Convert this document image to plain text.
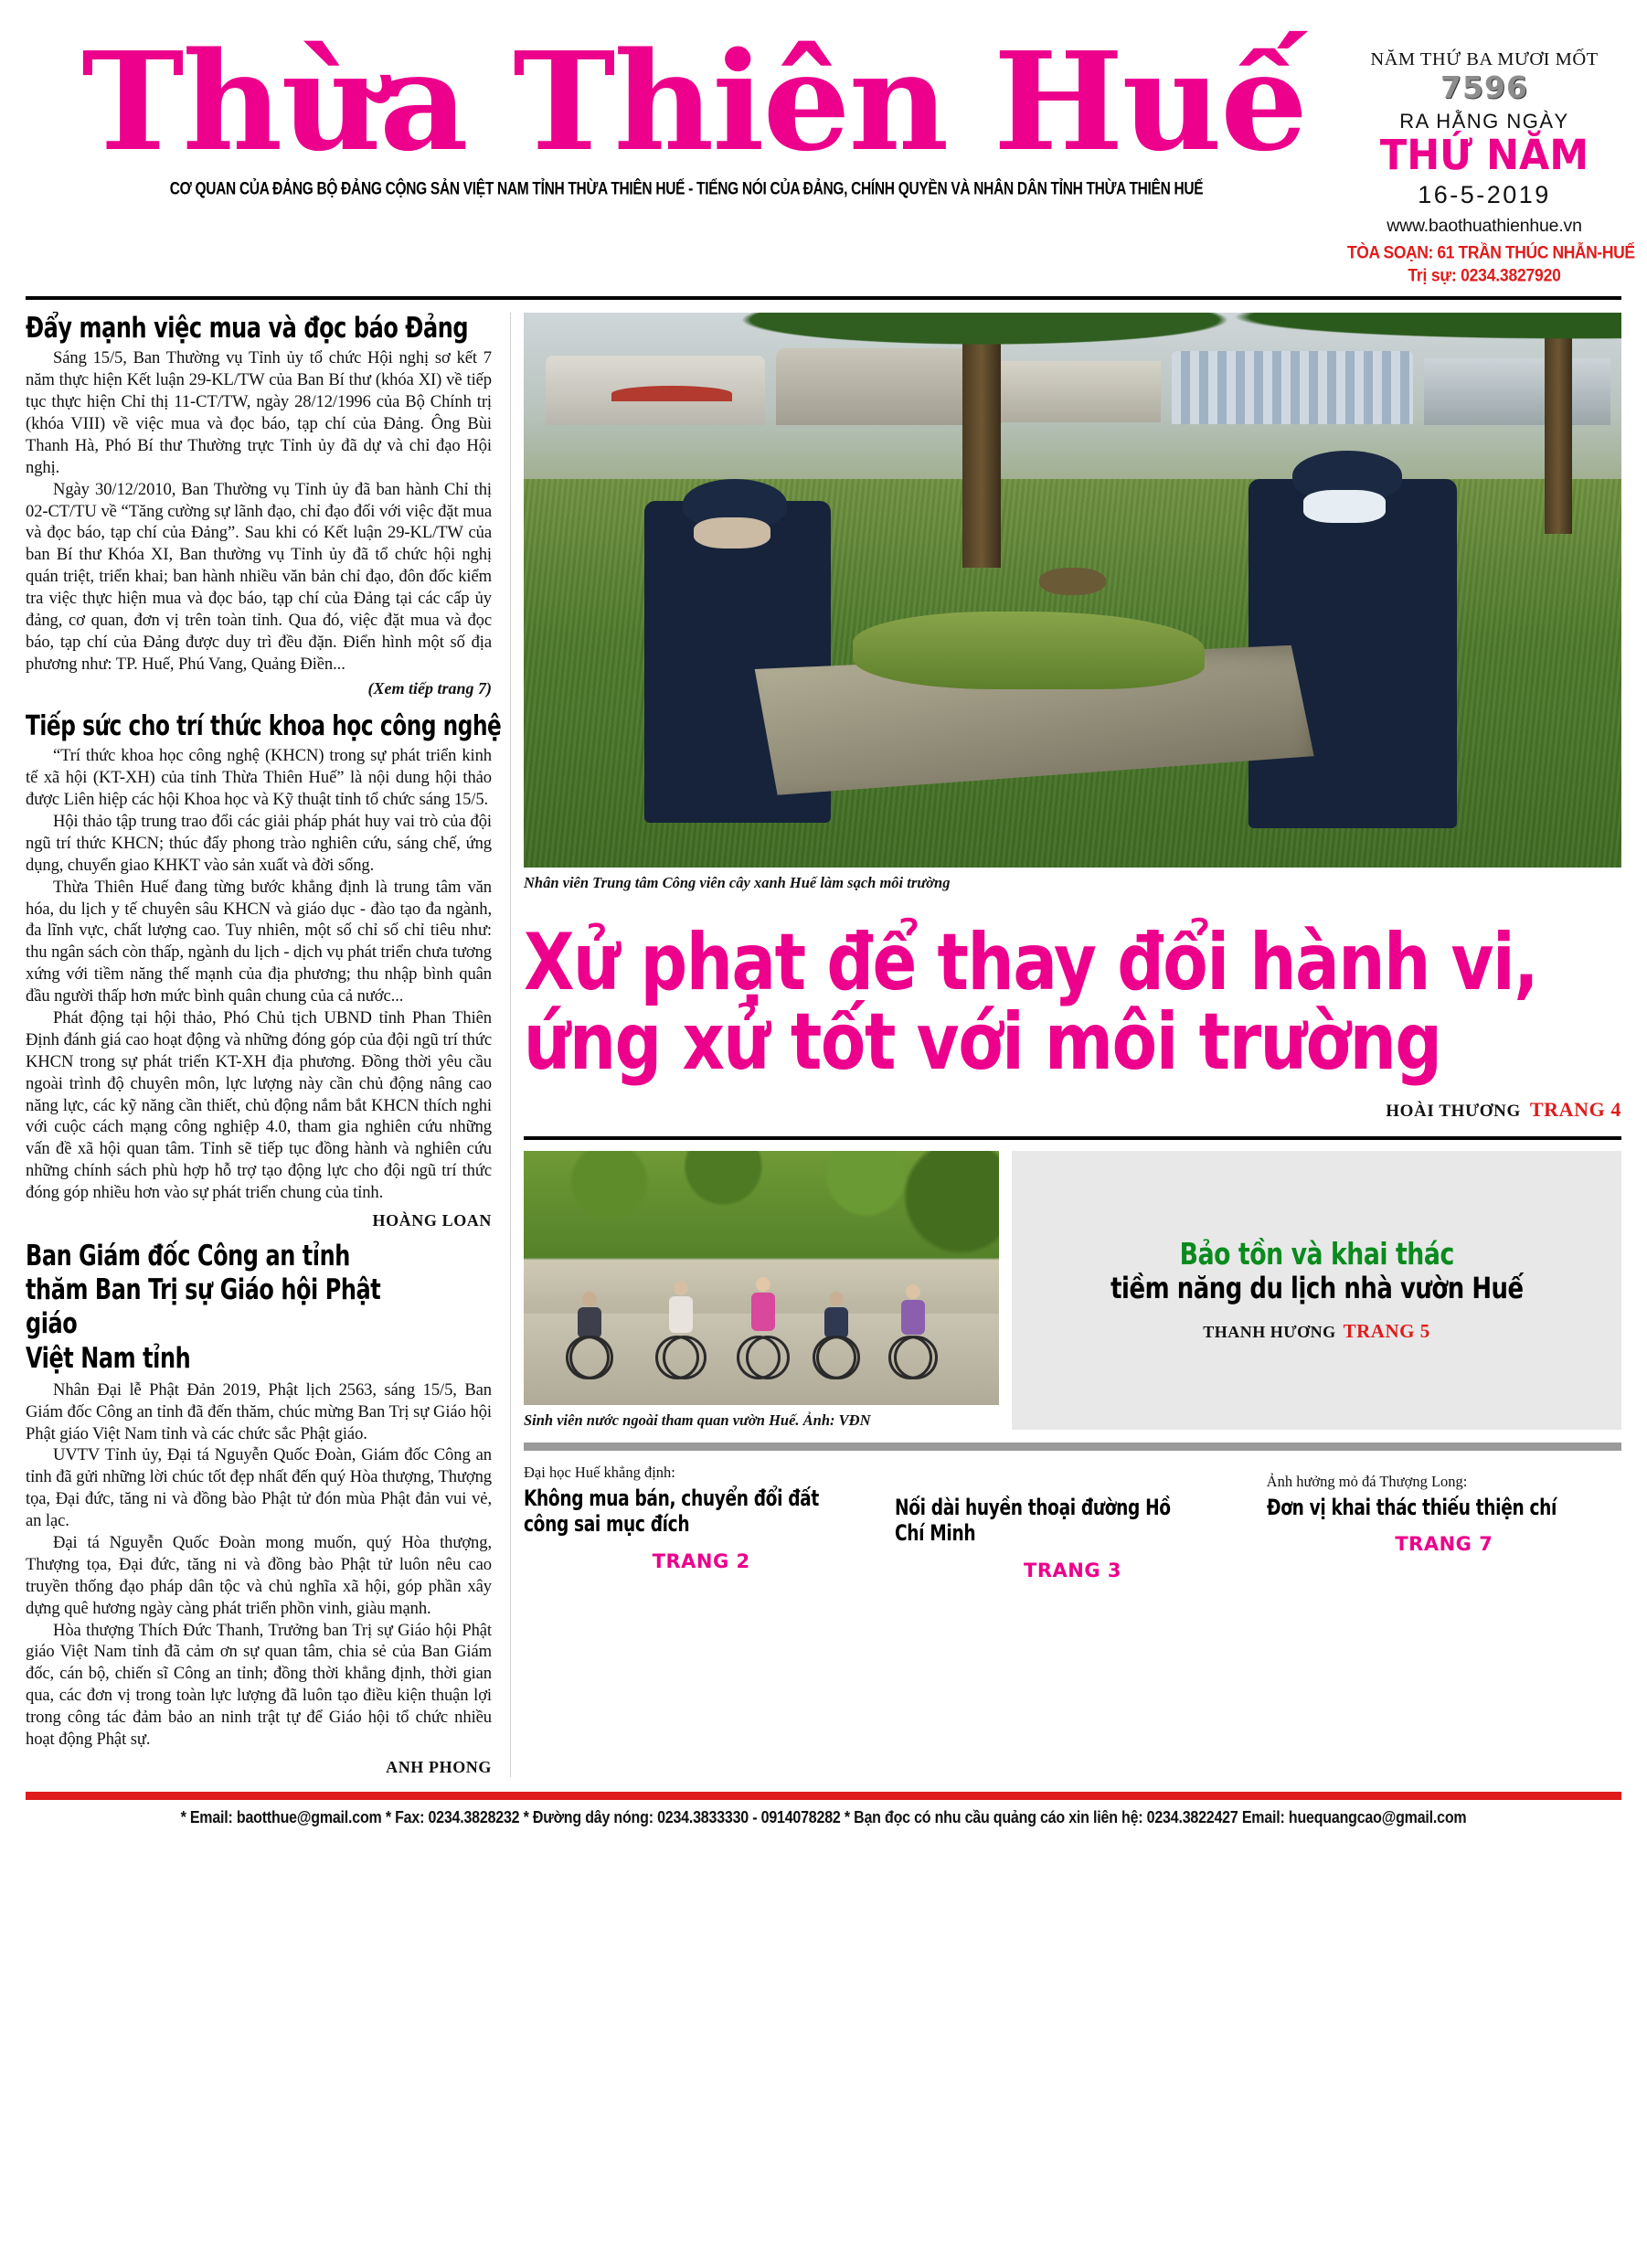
Thừa Thiên Huế
CƠ QUAN CỦA ĐẢNG BỘ ĐẢNG CỘNG SẢN VIỆT NAM TỈNH THỪA THIÊN HUẾ - TIẾNG NÓI CỦA ĐẢNG, CHÍNH QUYỀN VÀ NHÂN DÂN TỈNH THỪA THIÊN HUẾ
NĂM THỨ BA MƯƠI MỐT
7596
RA HẰNG NGÀY
THỨ NĂM
16-5-2019
www.baothuathienhue.vn
TÒA SOẠN: 61 TRẦN THÚC NHẪN-HUẾ
Trị sự: 0234.3827920
Đẩy mạnh việc mua và đọc báo Đảng

Sáng 15/5, Ban Thường vụ Tỉnh ủy tổ chức Hội nghị sơ kết 7 năm thực hiện Kết luận 29-KL/TW của Ban Bí thư (khóa XI) về tiếp tục thực hiện Chỉ thị 11-CT/TW, ngày 28/12/1996 của Bộ Chính trị (khóa VIII) về việc mua và đọc báo, tạp chí của Đảng. Ông Bùi Thanh Hà, Phó Bí thư Thường trực Tỉnh ủy đã dự và chỉ đạo Hội nghị.

Ngày 30/12/2010, Ban Thường vụ Tỉnh ủy đã ban hành Chỉ thị 02-CT/TU về “Tăng cường sự lãnh đạo, chỉ đạo đối với việc đặt mua và đọc báo, tạp chí của Đảng”. Sau khi có Kết luận 29-KL/TW của ban Bí thư Khóa XI, Ban thường vụ Tỉnh ủy đã tổ chức hội nghị quán triệt, triển khai; ban hành nhiều văn bản chỉ đạo, đôn đốc kiểm tra việc thực hiện mua và đọc báo, tạp chí của Đảng tại các cấp ủy đảng, cơ quan, đơn vị trên toàn tỉnh. Qua đó, việc đặt mua và đọc báo, tạp chí của Đảng được duy trì đều đặn. Điển hình một số địa phương như: TP. Huế, Phú Vang, Quảng Điền...

(Xem tiếp trang 7)

Tiếp sức cho trí thức khoa học công nghệ

“Trí thức khoa học công nghệ (KHCN) trong sự phát triển kinh tế xã hội (KT-XH) của tỉnh Thừa Thiên Huế” là nội dung hội thảo được Liên hiệp các hội Khoa học và Kỹ thuật tỉnh tổ chức sáng 15/5.

Hội thảo tập trung trao đổi các giải pháp phát huy vai trò của đội ngũ trí thức KHCN; thúc đẩy phong trào nghiên cứu, sáng chế, ứng dụng, chuyển giao KHKT vào sản xuất và đời sống.

Thừa Thiên Huế đang từng bước khẳng định là trung tâm văn hóa, du lịch y tế chuyên sâu KHCN và giáo dục - đào tạo đa ngành, đa lĩnh vực, chất lượng cao. Tuy nhiên, một số chỉ số chỉ tiêu như: thu ngân sách còn thấp, ngành du lịch - dịch vụ phát triển chưa tương xứng với tiềm năng thế mạnh của địa phương; thu nhập bình quân đầu người thấp hơn mức bình quân chung của cả nước...

Phát động tại hội thảo, Phó Chủ tịch UBND tỉnh Phan Thiên Định đánh giá cao hoạt động và những đóng góp của đội ngũ trí thức KHCN trong sự phát triển KT-XH địa phương. Đồng thời yêu cầu ngoài trình độ chuyên môn, lực lượng này cần chủ động nâng cao năng lực, các kỹ năng cần thiết, chủ động nắm bắt KHCN thích nghi với cuộc cách mạng công nghiệp 4.0, tham gia nghiên cứu những vấn đề xã hội quan tâm. Tỉnh sẽ tiếp tục đồng hành và nghiên cứu những chính sách phù hợp hỗ trợ tạo động lực cho đội ngũ trí thức đóng góp nhiều hơn vào sự phát triển chung của tỉnh.

HOÀNG LOAN

Ban Giám đốc Công an tỉnh
thăm Ban Trị sự Giáo hội Phật giáo
Việt Nam tỉnh

Nhân Đại lễ Phật Đản 2019, Phật lịch 2563, sáng 15/5, Ban Giám đốc Công an tỉnh đã đến thăm, chúc mừng Ban Trị sự Giáo hội Phật giáo Việt Nam tỉnh và các chức sắc Phật giáo.

UVTV Tỉnh ủy, Đại tá Nguyễn Quốc Đoàn, Giám đốc Công an tỉnh đã gửi những lời chúc tốt đẹp nhất đến quý Hòa thượng, Thượng tọa, Đại đức, tăng ni và đồng bào Phật tử đón mùa Phật đản vui vẻ, an lạc.

Đại tá Nguyễn Quốc Đoàn mong muốn, quý Hòa thượng, Thượng tọa, Đại đức, tăng ni và đồng bào Phật tử luôn nêu cao truyền thống đạo pháp dân tộc và chủ nghĩa xã hội, góp phần xây dựng quê hương ngày càng phát triển phồn vinh, giàu mạnh.

Hòa thượng Thích Đức Thanh, Trưởng ban Trị sự Giáo hội Phật giáo Việt Nam tỉnh đã cảm ơn sự quan tâm, chia sẻ của Ban Giám đốc, cán bộ, chiến sĩ Công an tỉnh; đồng thời khẳng định, thời gian qua, các đơn vị trong toàn lực lượng đã luôn tạo điều kiện thuận lợi trong công tác đảm bảo an ninh trật tự để Giáo hội tổ chức nhiều hoạt động Phật sự.

ANH PHONG

Nhân viên Trung tâm Công viên cây xanh Huế làm sạch môi trường

Xử phạt để thay đổi hành vi,
ứng xử tốt với môi trường
HOÀI THƯƠNG TRANG 4

Sinh viên nước ngoài tham quan vườn Huế. Ảnh: VĐN

Bảo tồn và khai thác
tiềm năng du lịch nhà vườn Huế
THANH HƯƠNG TRANG 5

Đại học Huế khẳng định:

Không mua bán, chuyển đổi đất
công sai mục đích

TRANG 2

Nối dài huyền thoại đường Hồ Chí Minh

TRANG 3

Ảnh hưởng mỏ đá Thượng Long:

Đơn vị khai thác thiếu thiện chí

TRANG 7

* Email: baotthue@gmail.com * Fax: 0234.3828232 * Đường dây nóng: 0234.3833330 - 0914078282 * Bạn đọc có nhu cầu quảng cáo xin liên hệ: 0234.3822427 Email: huequangcao@gmail.com
